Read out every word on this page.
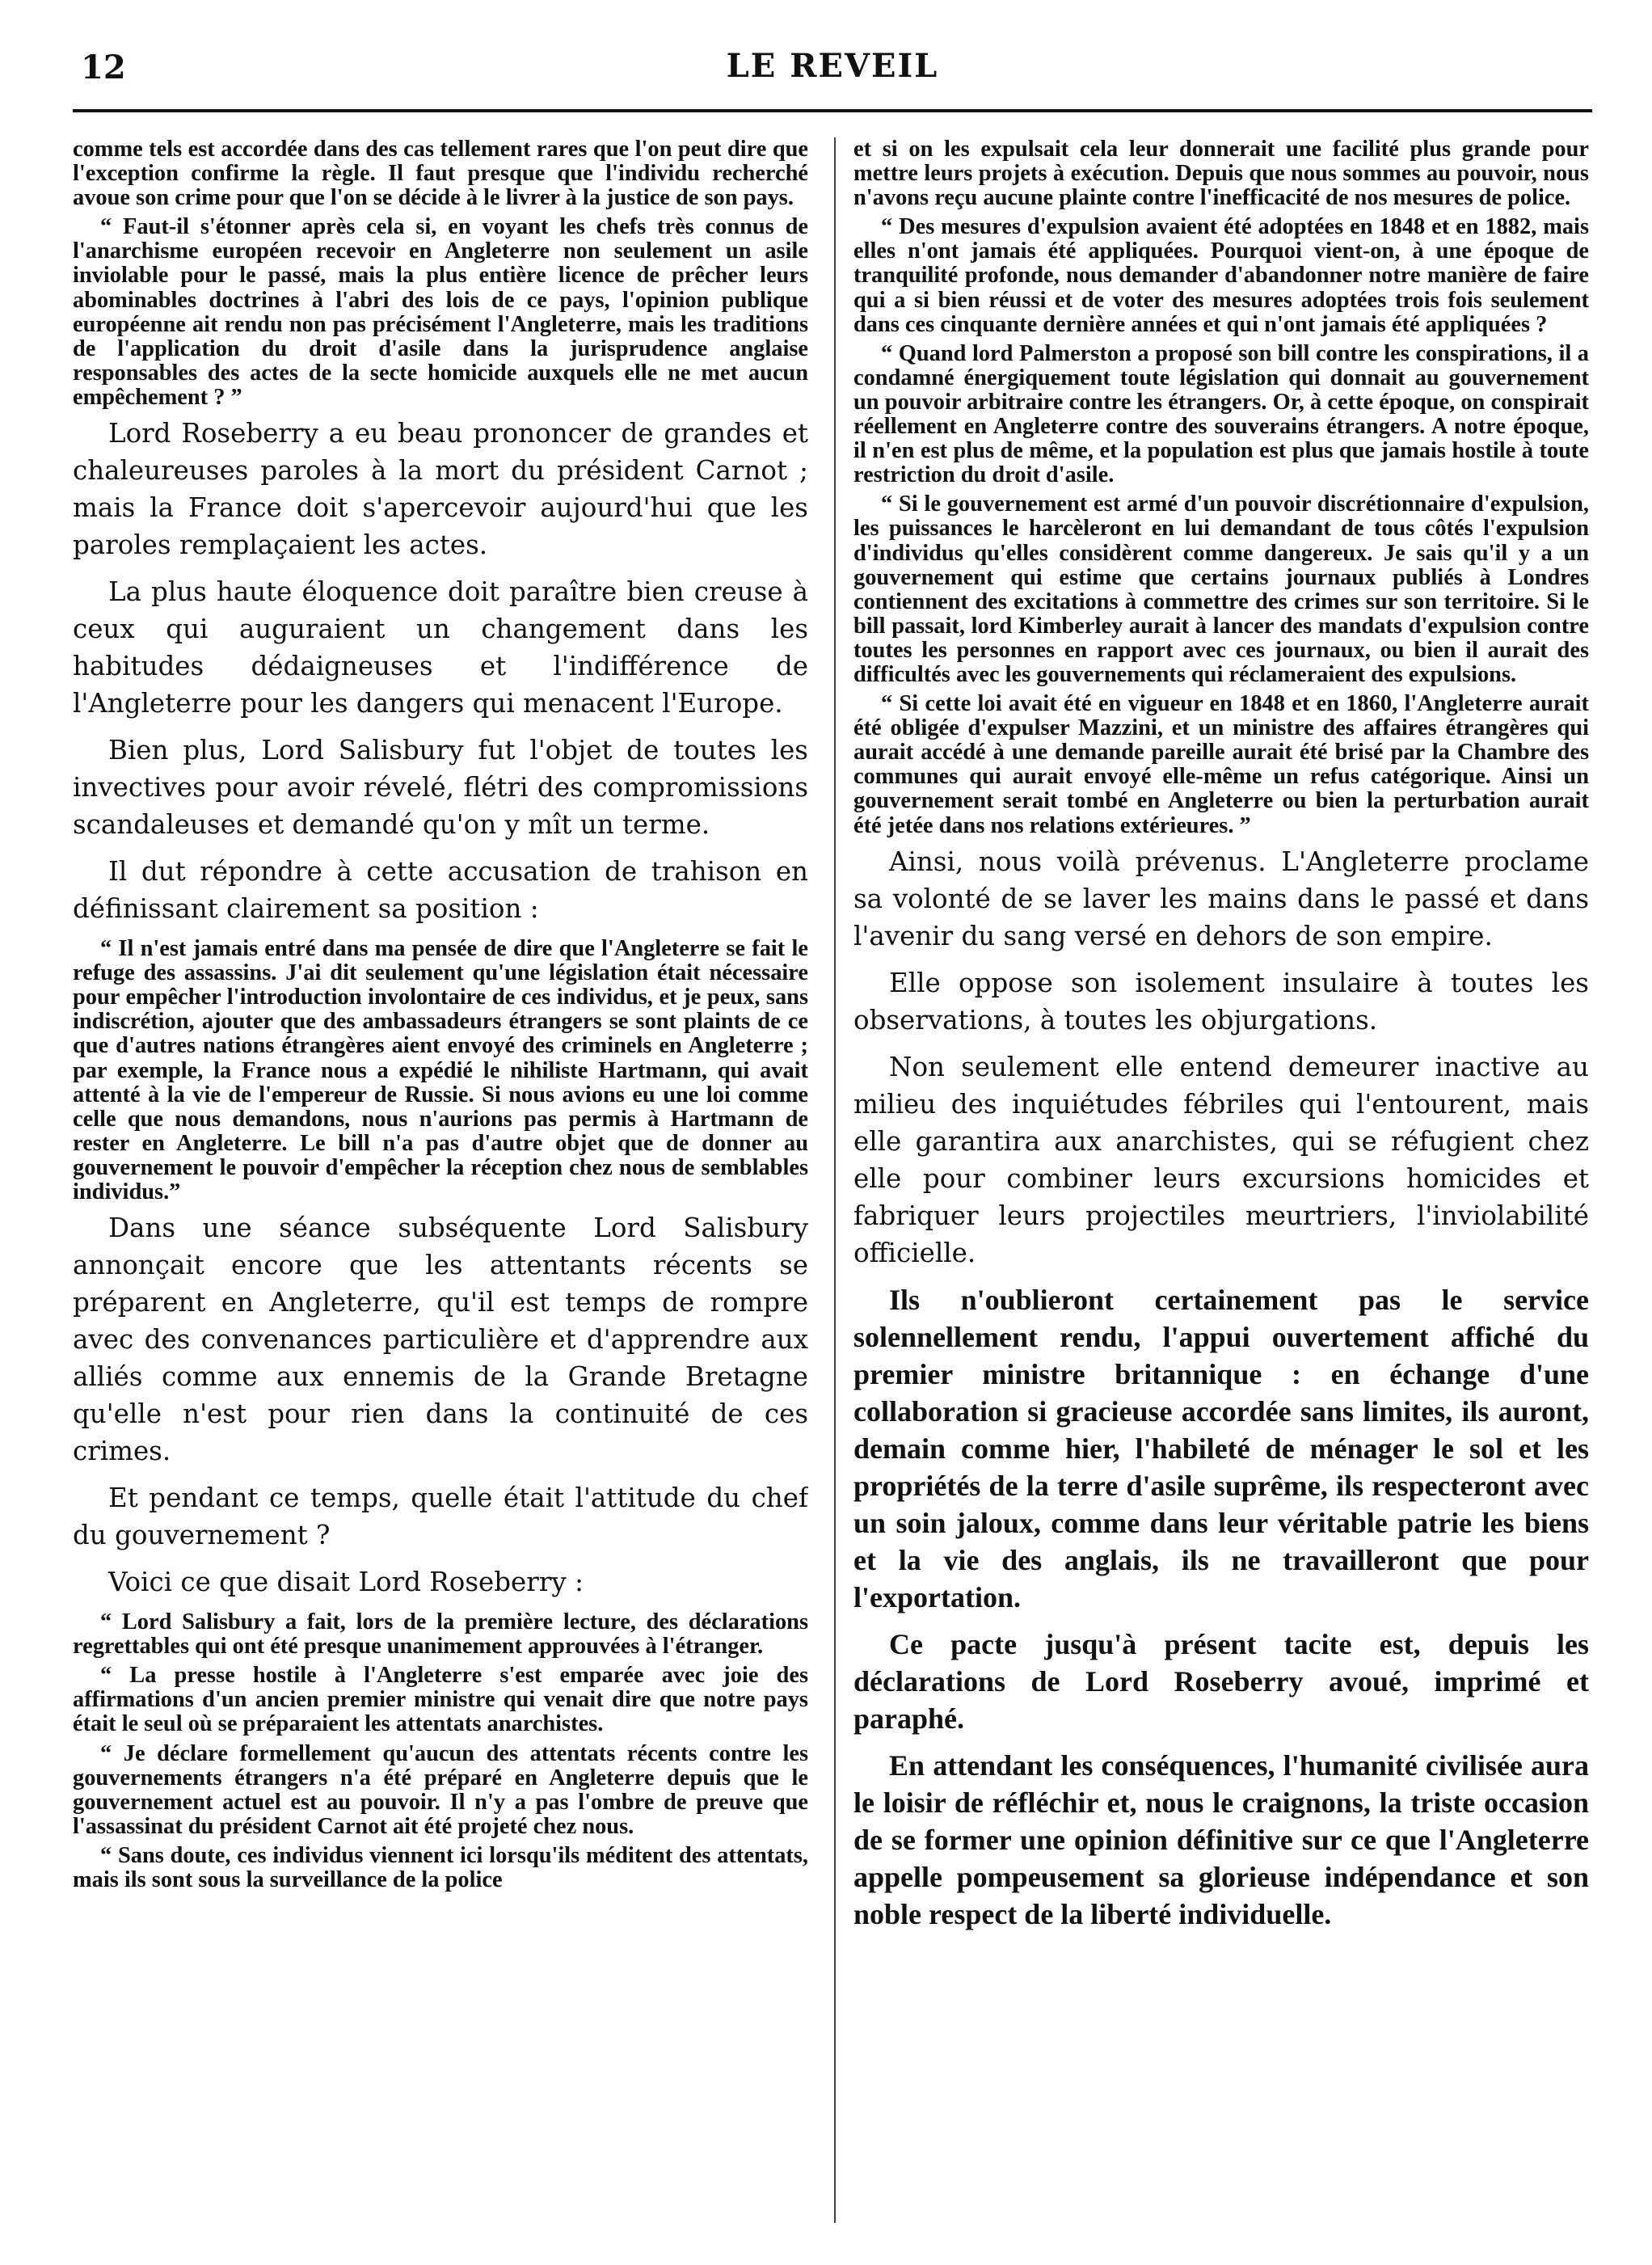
12	LE REVEIL

comme tels est accordée dans des cas tellement rares que l'on peut dire que l'exception confirme la règle. Il faut presque que l'individu recherché avoue son crime pour que l'on se décide à le livrer à la justice de son pays.

“ Faut-il s'étonner après cela si, en voyant les chefs très connus de l'anarchisme européen recevoir en Angleterre non seulement un asile inviolable pour le passé, mais la plus entière licence de prêcher leurs abominables doctrines à l'abri des lois de ce pays, l'opinion publique européenne ait rendu non pas précisément l'Angleterre, mais les traditions de l'application du droit d'asile dans la jurisprudence anglaise responsables des actes de la secte homicide auxquels elle ne met aucun empêchement ? ”

Lord Roseberry a eu beau prononcer de grandes et chaleureuses paroles à la mort du président Carnot ; mais la France doit s'apercevoir aujourd'hui que les paroles remplaçaient les actes.

La plus haute éloquence doit paraître bien creuse à ceux qui auguraient un changement dans les habitudes dédaigneuses et l'indifférence de l'Angleterre pour les dangers qui menacent l'Europe.

Bien plus, Lord Salisbury fut l'objet de toutes les invectives pour avoir révelé, flétri des compromissions scandaleuses et demandé qu'on y mît un terme.

Il dut répondre à cette accusation de trahison en définissant clairement sa position :

“ Il n'est jamais entré dans ma pensée de dire que l'Angleterre se fait le refuge des assassins. J'ai dit seulement qu'une législation était nécessaire pour empêcher l'introduction involontaire de ces individus, et je peux, sans indiscrétion, ajouter que des ambassadeurs étrangers se sont plaints de ce que d'autres nations étrangères aient envoyé des criminels en Angleterre ; par exemple, la France nous a expédié le nihiliste Hartmann, qui avait attenté à la vie de l'empereur de Russie. Si nous avions eu une loi comme celle que nous demandons, nous n'aurions pas permis à Hartmann de rester en Angleterre. Le bill n'a pas d'autre objet que de donner au gouvernement le pouvoir d'empêcher la réception chez nous de semblables individus.”

Dans une séance subséquente Lord Salisbury annonçait encore que les attentants récents se préparent en Angleterre, qu'il est temps de rompre avec des convenances particulière et d'apprendre aux alliés comme aux ennemis de la Grande Bretagne qu'elle n'est pour rien dans la continuité de ces crimes.

Et pendant ce temps, quelle était l'attitude du chef du gouvernement ?

Voici ce que disait Lord Roseberry :

“ Lord Salisbury a fait, lors de la première lecture, des déclarations regrettables qui ont été presque unanimement approuvées à l'étranger.

“ La presse hostile à l'Angleterre s'est emparée avec joie des affirmations d'un ancien premier ministre qui venait dire que notre pays était le seul où se préparaient les attentats anarchistes.

“ Je déclare formellement qu'aucun des attentats récents contre les gouvernements étrangers n'a été préparé en Angleterre depuis que le gouvernement actuel est au pouvoir. Il n'y a pas l'ombre de preuve que l'assassinat du président Carnot ait été projeté chez nous.

“ Sans doute, ces individus viennent ici lorsqu'ils méditent des attentats, mais ils sont sous la surveillance de la police

et si on les expulsait cela leur donnerait une facilité plus grande pour mettre leurs projets à exécution. Depuis que nous sommes au pouvoir, nous n'avons reçu aucune plainte contre l'inefficacité de nos mesures de police.

“ Des mesures d'expulsion avaient été adoptées en 1848 et en 1882, mais elles n'ont jamais été appliquées. Pourquoi vient-on, à une époque de tranquilité profonde, nous demander d'abandonner notre manière de faire qui a si bien réussi et de voter des mesures adoptées trois fois seulement dans ces cinquante dernière années et qui n'ont jamais été appliquées ?

“ Quand lord Palmerston a proposé son bill contre les conspirations, il a condamné énergiquement toute législation qui donnait au gouvernement un pouvoir arbitraire contre les étrangers. Or, à cette époque, on conspirait réellement en Angleterre contre des souverains étrangers. A notre époque, il n'en est plus de même, et la population est plus que jamais hostile à toute restriction du droit d'asile.

“ Si le gouvernement est armé d'un pouvoir discrétionnaire d'expulsion, les puissances le harcèleront en lui demandant de tous côtés l'expulsion d'individus qu'elles considèrent comme dangereux. Je sais qu'il y a un gouvernement qui estime que certains journaux publiés à Londres contiennent des excitations à commettre des crimes sur son territoire. Si le bill passait, lord Kimberley aurait à lancer des mandats d'expulsion contre toutes les personnes en rapport avec ces journaux, ou bien il aurait des difficultés avec les gouvernements qui réclameraient des expulsions.

“ Si cette loi avait été en vigueur en 1848 et en 1860, l'Angleterre aurait été obligée d'expulser Mazzini, et un ministre des affaires étrangères qui aurait accédé à une demande pareille aurait été brisé par la Chambre des communes qui aurait envoyé elle-même un refus catégorique. Ainsi un gouvernement serait tombé en Angleterre ou bien la perturbation aurait été jetée dans nos relations extérieures. ”

Ainsi, nous voilà prévenus. L'Angleterre proclame sa volonté de se laver les mains dans le passé et dans l'avenir du sang versé en dehors de son empire.

Elle oppose son isolement insulaire à toutes les observations, à toutes les objurgations.

Non seulement elle entend demeurer inactive au milieu des inquiétudes fébriles qui l'entourent, mais elle garantira aux anarchistes, qui se réfugient chez elle pour combiner leurs excursions homicides et fabriquer leurs projectiles meurtriers, l'inviolabilité officielle.

Ils n'oublieront certainement pas le service solennellement rendu, l'appui ouvertement affiché du premier ministre britannique : en échange d'une collaboration si gracieuse accordée sans limites, ils auront, demain comme hier, l'habileté de ménager le sol et les propriétés de la terre d'asile suprême, ils respecteront avec un soin jaloux, comme dans leur véritable patrie les biens et la vie des anglais, ils ne travailleront que pour l'exportation.

Ce pacte jusqu'à présent tacite est, depuis les déclarations de Lord Roseberry avoué, imprimé et paraphé.

En attendant les conséquences, l'humanité civilisée aura le loisir de réfléchir et, nous le craignons, la triste occasion de se former une opinion définitive sur ce que l'Angleterre appelle pompeusement sa glorieuse indépendance et son noble respect de la liberté individuelle.
